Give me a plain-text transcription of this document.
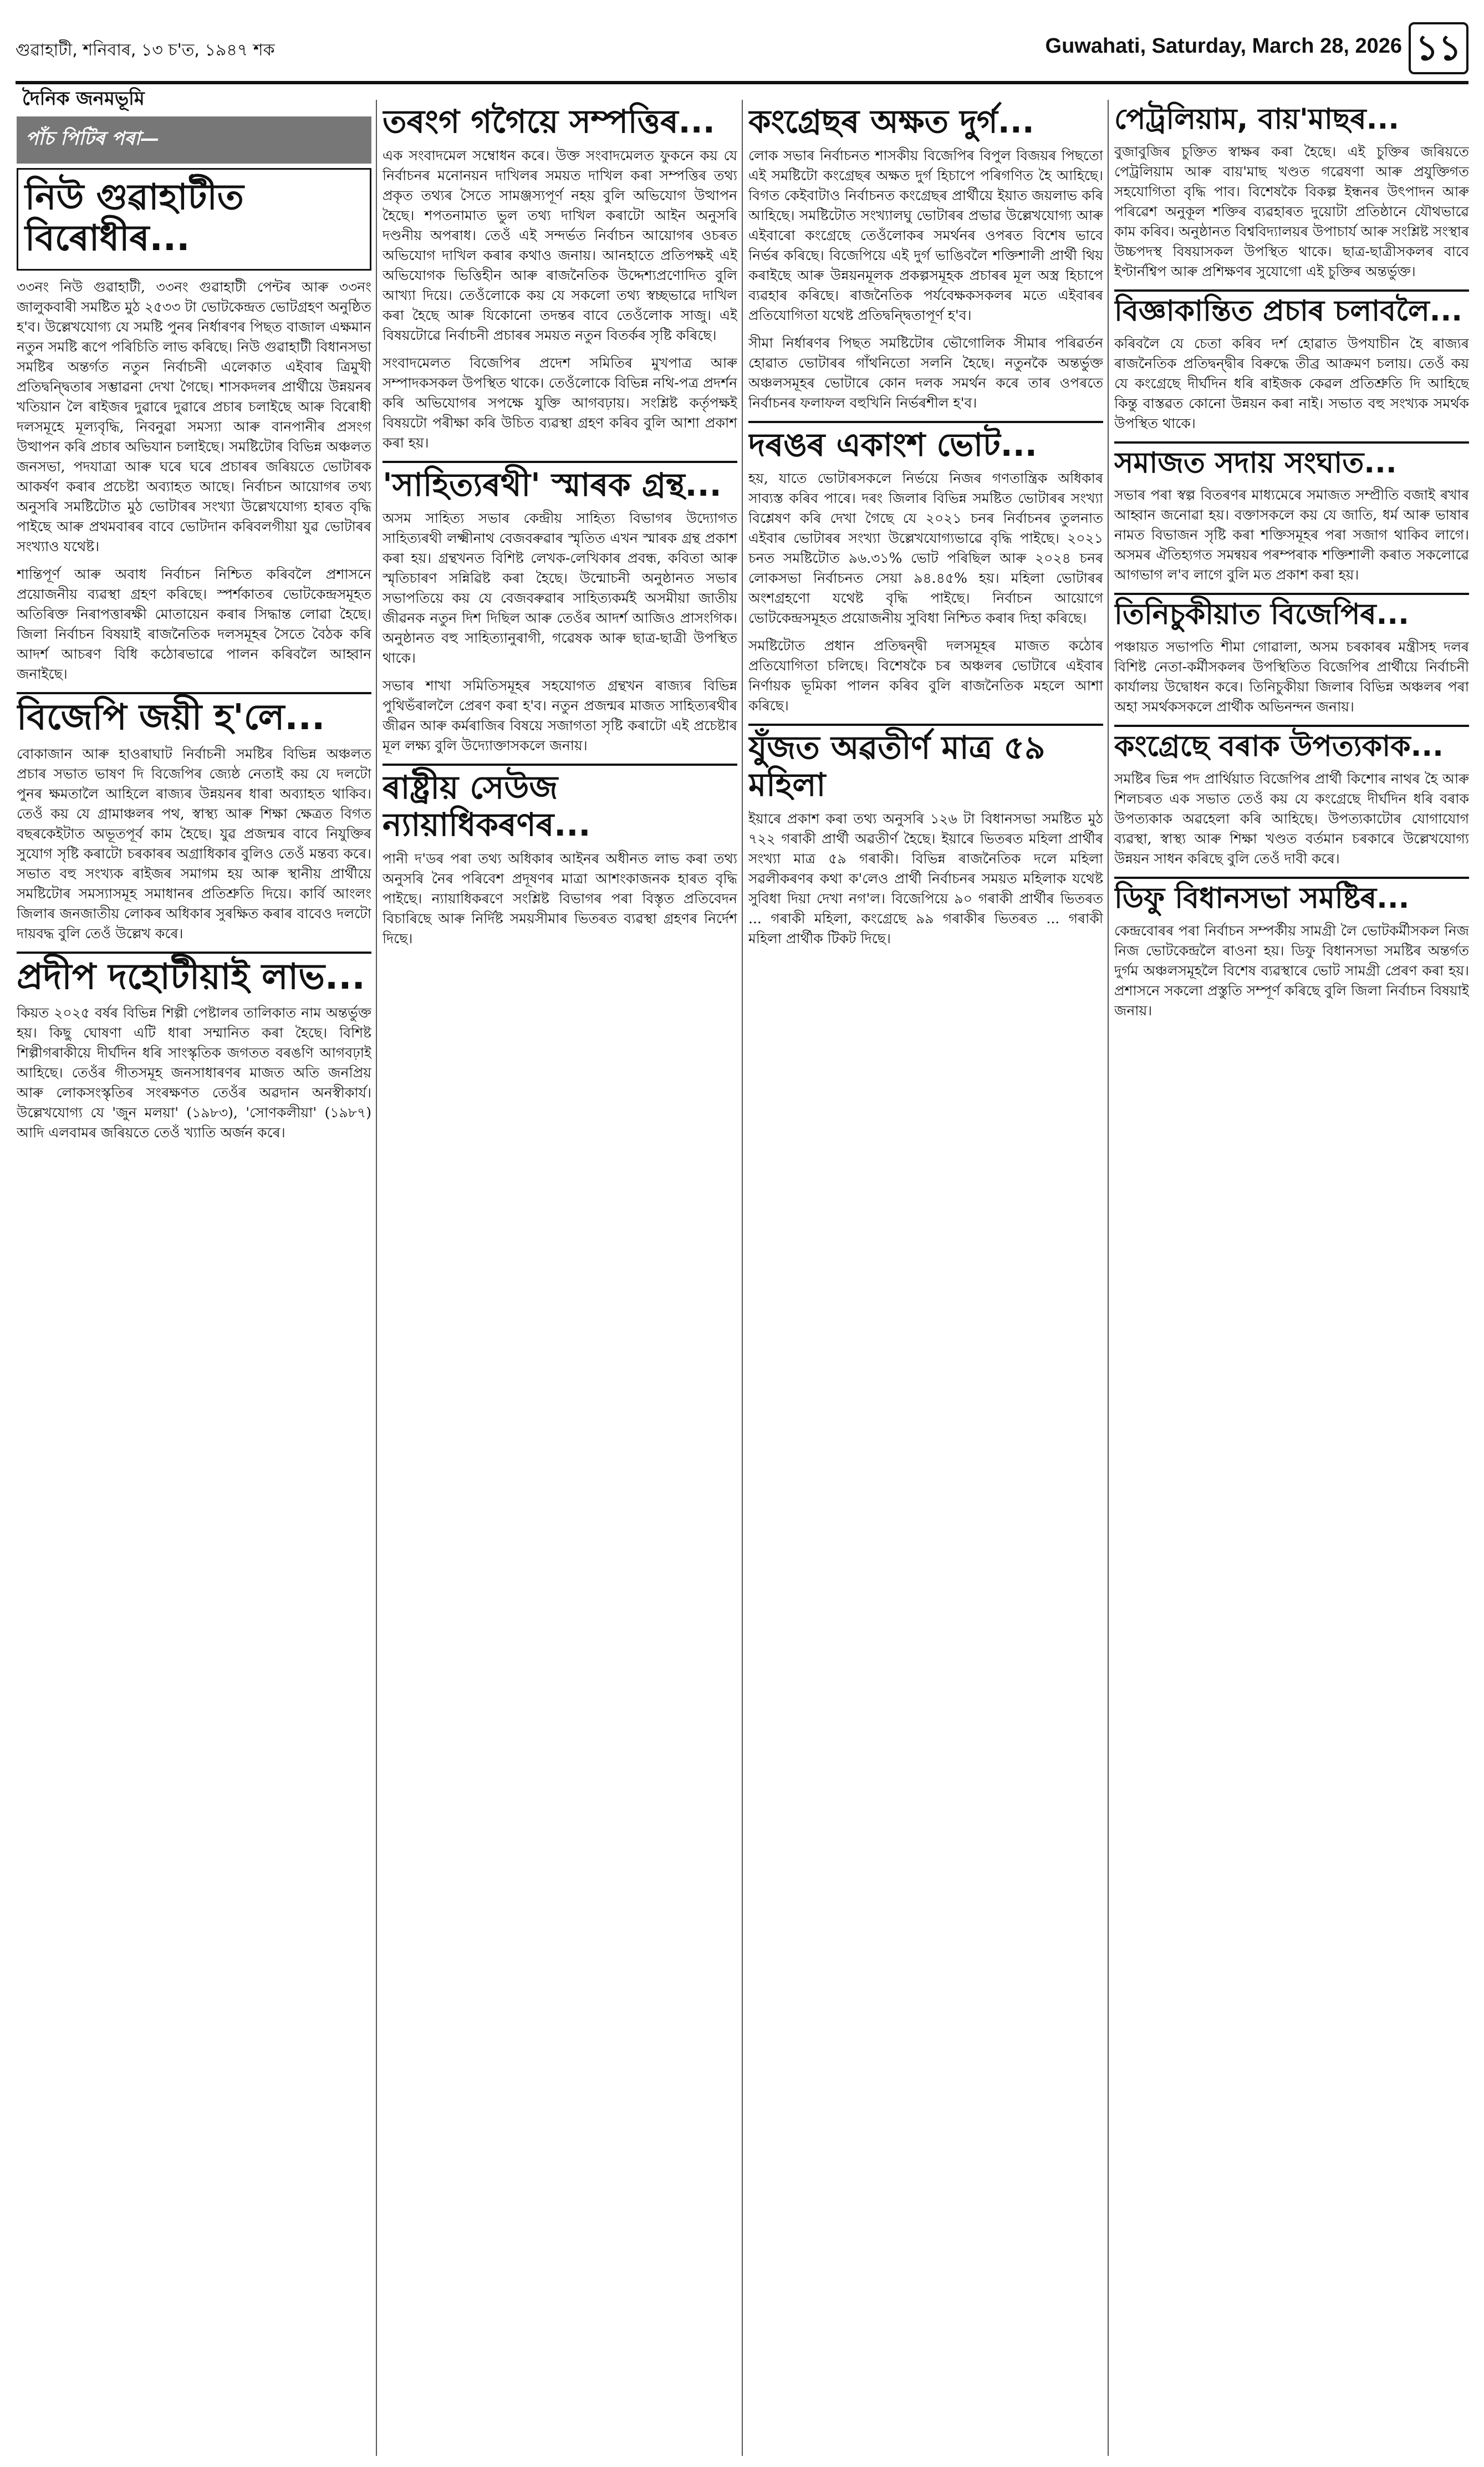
গুৱাহাটী, শনিবাৰ, ১৩ চ'ত, ১৯৪৭ শক	Guwahati, Saturday, March 28, 2026 ১১
দৈনিক জনমভূমি
পাঁচ পিটিৰ পৰা—
নিউ গুৱাহাটীত বিৰোধীৰ...

৩৩নং নিউ গুৱাহাটী, ৩৩নং গুৱাহাটী পেন্টৰ আৰু ৩৩নং জালুকবাৰী সমষ্টিত মুঠ ২৫৩৩ টা ভোটকেন্দ্ৰত ভোটগ্ৰহণ অনুষ্ঠিত হ'ব। উল্লেখযোগ্য যে সমষ্টি পুনৰ নিৰ্ধাৰণৰ পিছত বাজাল এক্ষমান নতুন সমষ্টি ৰূপে পৰিচিতি লাভ কৰিছে। নিউ গুৱাহাটী বিধানসভা সমষ্টিৰ অন্তৰ্গত নতুন নিৰ্বাচনী এলেকাত এইবাৰ ত্ৰিমুখী প্ৰতিদ্বন্দ্বিতাৰ সম্ভাৱনা দেখা গৈছে। শাসকদলৰ প্ৰাৰ্থীয়ে উন্নয়নৰ খতিয়ান লৈ ৰাইজৰ দুৱাৰে দুৱাৰে প্ৰচাৰ চলাইছে আৰু বিৰোধী দলসমূহে মূল্যবৃদ্ধি, নিবনুৱা সমস্যা আৰু বানপানীৰ প্ৰসংগ উত্থাপন কৰি প্ৰচাৰ অভিযান চলাইছে। সমষ্টিটোৰ বিভিন্ন অঞ্চলত জনসভা, পদযাত্ৰা আৰু ঘৰে ঘৰে প্ৰচাৰৰ জৰিয়তে ভোটাৰক আকৰ্ষণ কৰাৰ প্ৰচেষ্টা অব্যাহত আছে। নিৰ্বাচন আয়োগৰ তথ্য অনুসৰি সমষ্টিটোত মুঠ ভোটাৰৰ সংখ্যা উল্লেখযোগ্য হাৰত বৃদ্ধি পাইছে আৰু প্ৰথমবাৰৰ বাবে ভোটদান কৰিবলগীয়া যুৱ ভোটাৰৰ সংখ্যাও যথেষ্ট।

শান্তিপূৰ্ণ আৰু অবাধ নিৰ্বাচন নিশ্চিত কৰিবলৈ প্ৰশাসনে প্ৰয়োজনীয় ব্যৱস্থা গ্ৰহণ কৰিছে। স্পৰ্শকাতৰ ভোটকেন্দ্ৰসমূহত অতিৰিক্ত নিৰাপত্তাৰক্ষী মোতায়েন কৰাৰ সিদ্ধান্ত লোৱা হৈছে। জিলা নিৰ্বাচন বিষয়াই ৰাজনৈতিক দলসমূহৰ সৈতে বৈঠক কৰি আদৰ্শ আচৰণ বিধি কঠোৰভাৱে পালন কৰিবলৈ আহ্বান জনাইছে।

বিজেপি জয়ী হ'লে...

বোকাজান আৰু হাওৰাঘাট নিৰ্বাচনী সমষ্টিৰ বিভিন্ন অঞ্চলত প্ৰচাৰ সভাত ভাষণ দি বিজেপিৰ জ্যেষ্ঠ নেতাই কয় যে দলটো পুনৰ ক্ষমতালৈ আহিলে ৰাজ্যৰ উন্নয়নৰ ধাৰা অব্যাহত থাকিব। তেওঁ কয় যে গ্ৰামাঞ্চলৰ পথ, স্বাস্থ্য আৰু শিক্ষা ক্ষেত্ৰত বিগত বছৰকেইটাত অভূতপূৰ্ব কাম হৈছে। যুৱ প্ৰজন্মৰ বাবে নিযুক্তিৰ সুযোগ সৃষ্টি কৰাটো চৰকাৰৰ অগ্ৰাধিকাৰ বুলিও তেওঁ মন্তব্য কৰে। সভাত বহু সংখ্যক ৰাইজৰ সমাগম হয় আৰু স্থানীয় প্ৰাৰ্থীয়ে সমষ্টিটোৰ সমস্যাসমূহ সমাধানৰ প্ৰতিশ্ৰুতি দিয়ে। কাৰ্বি আংলং জিলাৰ জনজাতীয় লোকৰ অধিকাৰ সুৰক্ষিত কৰাৰ বাবেও দলটো দায়বদ্ধ বুলি তেওঁ উল্লেখ কৰে।

প্ৰদীপ দহোটীয়াই লাভ...

কিয়ত ২০২৫ বৰ্ষৰ বিভিন্ন শিল্পী পেষ্টালৰ তালিকাত নাম অন্তৰ্ভুক্ত হয়। কিছু ঘোষণা এটি ধাৰা সম্মানিত কৰা হৈছে। বিশিষ্ট শিল্পীগৰাকীয়ে দীৰ্ঘদিন ধৰি সাংস্কৃতিক জগতত বৰঙণি আগবঢ়াই আহিছে। তেওঁৰ গীতসমূহ জনসাধাৰণৰ মাজত অতি জনপ্ৰিয় আৰু লোকসংস্কৃতিৰ সংৰক্ষণত তেওঁৰ অৱদান অনস্বীকাৰ্য। উল্লেখযোগ্য যে 'জুন মলয়া' (১৯৮৩), 'সোণকলীয়া' (১৯৮৭) আদি এলবামৰ জৰিয়তে তেওঁ খ্যাতি অৰ্জন কৰে।

তৰংগ গগৈয়ে সম্পত্তিৰ...

এক সংবাদমেল সম্বোধন কৰে। উক্ত সংবাদমেলত ফুকনে কয় যে নিৰ্বাচনৰ মনোনয়ন দাখিলৰ সময়ত দাখিল কৰা সম্পত্তিৰ তথ্য প্ৰকৃত তথ্যৰ সৈতে সামঞ্জস্যপূৰ্ণ নহয় বুলি অভিযোগ উত্থাপন হৈছে। শপতনামাত ভুল তথ্য দাখিল কৰাটো আইন অনুসৰি দণ্ডনীয় অপৰাধ। তেওঁ এই সন্দৰ্ভত নিৰ্বাচন আয়োগৰ ওচৰত অভিযোগ দাখিল কৰাৰ কথাও জনায়। আনহাতে প্ৰতিপক্ষই এই অভিযোগক ভিত্তিহীন আৰু ৰাজনৈতিক উদ্দেশ্যপ্ৰণোদিত বুলি আখ্যা দিয়ে। তেওঁলোকে কয় যে সকলো তথ্য স্বচ্ছভাৱে দাখিল কৰা হৈছে আৰু যিকোনো তদন্তৰ বাবে তেওঁলোক সাজু। এই বিষয়টোৱে নিৰ্বাচনী প্ৰচাৰৰ সময়ত নতুন বিতৰ্কৰ সৃষ্টি কৰিছে।

সংবাদমেলত বিজেপিৰ প্ৰদেশ সমিতিৰ মুখপাত্ৰ আৰু সম্পাদকসকল উপস্থিত থাকে। তেওঁলোকে বিভিন্ন নথি-পত্ৰ প্ৰদৰ্শন কৰি অভিযোগৰ সপক্ষে যুক্তি আগবঢ়ায়। সংশ্লিষ্ট কৰ্তৃপক্ষই বিষয়টো পৰীক্ষা কৰি উচিত ব্যৱস্থা গ্ৰহণ কৰিব বুলি আশা প্ৰকাশ কৰা হয়।

'সাহিত্যৰথী' স্মাৰক গ্ৰন্থ...

অসম সাহিত্য সভাৰ কেন্দ্ৰীয় সাহিত্য বিভাগৰ উদ্যোগত সাহিত্যৰথী লক্ষ্মীনাথ বেজবৰুৱাৰ স্মৃতিত এখন স্মাৰক গ্ৰন্থ প্ৰকাশ কৰা হয়। গ্ৰন্থখনত বিশিষ্ট লেখক-লেখিকাৰ প্ৰবন্ধ, কবিতা আৰু স্মৃতিচাৰণ সন্নিৱিষ্ট কৰা হৈছে। উন্মোচনী অনুষ্ঠানত সভাৰ সভাপতিয়ে কয় যে বেজবৰুৱাৰ সাহিত্যকৰ্মই অসমীয়া জাতীয় জীৱনক নতুন দিশ দিছিল আৰু তেওঁৰ আদৰ্শ আজিও প্ৰাসংগিক। অনুষ্ঠানত বহু সাহিত্যানুৰাগী, গৱেষক আৰু ছাত্ৰ-ছাত্ৰী উপস্থিত থাকে।

সভাৰ শাখা সমিতিসমূহৰ সহযোগত গ্ৰন্থখন ৰাজ্যৰ বিভিন্ন পুথিভঁৰাললৈ প্ৰেৰণ কৰা হ'ব। নতুন প্ৰজন্মৰ মাজত সাহিত্যৰথীৰ জীৱন আৰু কৰ্মৰাজিৰ বিষয়ে সজাগতা সৃষ্টি কৰাটো এই প্ৰচেষ্টাৰ মূল লক্ষ্য বুলি উদ্যোক্তাসকলে জনায়।

ৰাষ্ট্ৰীয় সেউজ ন্যায়াধিকৰণৰ...

পানী দ'ডৰ পৰা তথ্য অধিকাৰ আইনৰ অধীনত লাভ কৰা তথ্য অনুসৰি নৈৰ পৰিবেশ প্ৰদূষণৰ মাত্ৰা আশংকাজনক হাৰত বৃদ্ধি পাইছে। ন্যায়াধিকৰণে সংশ্লিষ্ট বিভাগৰ পৰা বিস্তৃত প্ৰতিবেদন বিচাৰিছে আৰু নিৰ্দিষ্ট সময়সীমাৰ ভিতৰত ব্যৱস্থা গ্ৰহণৰ নিৰ্দেশ দিছে।

কংগ্ৰেছৰ অক্ষত দুৰ্গ...

লোক সভাৰ নিৰ্বাচনত শাসকীয় বিজেপিৰ বিপুল বিজয়ৰ পিছতো এই সমষ্টিটো কংগ্ৰেছৰ অক্ষত দুৰ্গ হিচাপে পৰিগণিত হৈ আহিছে। বিগত কেইবাটাও নিৰ্বাচনত কংগ্ৰেছৰ প্ৰাৰ্থীয়ে ইয়াত জয়লাভ কৰি আহিছে। সমষ্টিটোত সংখ্যালঘু ভোটাৰৰ প্ৰভাৱ উল্লেখযোগ্য আৰু এইবাৰো কংগ্ৰেছে তেওঁলোকৰ সমৰ্থনৰ ওপৰত বিশেষ ভাবে নিৰ্ভৰ কৰিছে। বিজেপিয়ে এই দুৰ্গ ভাঙিবলৈ শক্তিশালী প্ৰাৰ্থী থিয় কৰাইছে আৰু উন্নয়নমূলক প্ৰকল্পসমূহক প্ৰচাৰৰ মূল অস্ত্ৰ হিচাপে ব্যৱহাৰ কৰিছে। ৰাজনৈতিক পৰ্যবেক্ষকসকলৰ মতে এইবাৰৰ প্ৰতিযোগিতা যথেষ্ট প্ৰতিদ্বন্দ্বিতাপূৰ্ণ হ'ব।

সীমা নিৰ্ধাৰণৰ পিছত সমষ্টিটোৰ ভৌগোলিক সীমাৰ পৰিৱৰ্তন হোৱাত ভোটাৰৰ গাঁথনিতো সলনি হৈছে। নতুনকৈ অন্তৰ্ভুক্ত অঞ্চলসমূহৰ ভোটাৰে কোন দলক সমৰ্থন কৰে তাৰ ওপৰতে নিৰ্বাচনৰ ফলাফল বহুখিনি নিৰ্ভৰশীল হ'ব।

দৰঙৰ একাংশ ভোট...

হয়, যাতে ভোটাৰসকলে নিৰ্ভয়ে নিজৰ গণতান্ত্ৰিক অধিকাৰ সাব্যস্ত কৰিব পাৰে। দৰং জিলাৰ বিভিন্ন সমষ্টিত ভোটাৰৰ সংখ্যা বিশ্লেষণ কৰি দেখা গৈছে যে ২০২১ চনৰ নিৰ্বাচনৰ তুলনাত এইবাৰ ভোটাৰৰ সংখ্যা উল্লেখযোগ্যভাৱে বৃদ্ধি পাইছে। ২০২১ চনত সমষ্টিটোত ৯৬.৩১% ভোট পৰিছিল আৰু ২০২৪ চনৰ লোকসভা নিৰ্বাচনত সেয়া ৯৪.৪৫% হয়। মহিলা ভোটাৰৰ অংশগ্ৰহণো যথেষ্ট বৃদ্ধি পাইছে। নিৰ্বাচন আয়োগে ভোটকেন্দ্ৰসমূহত প্ৰয়োজনীয় সুবিধা নিশ্চিত কৰাৰ দিহা কৰিছে।

সমষ্টিটোত প্ৰধান প্ৰতিদ্বন্দ্বী দলসমূহৰ মাজত কঠোৰ প্ৰতিযোগিতা চলিছে। বিশেষকৈ চৰ অঞ্চলৰ ভোটাৰে এইবাৰ নিৰ্ণায়ক ভূমিকা পালন কৰিব বুলি ৰাজনৈতিক মহলে আশা কৰিছে।

যুঁজত অৱতীৰ্ণ মাত্ৰ ৫৯ মহিলা

ইয়াৰে প্ৰকাশ কৰা তথ্য অনুসৰি ১২৬ টা বিধানসভা সমষ্টিত মুঠ ৭২২ গৰাকী প্ৰাৰ্থী অৱতীৰ্ণ হৈছে। ইয়াৰে ভিতৰত মহিলা প্ৰাৰ্থীৰ সংখ্যা মাত্ৰ ৫৯ গৰাকী। বিভিন্ন ৰাজনৈতিক দলে মহিলা সৱলীকৰণৰ কথা ক'লেও প্ৰাৰ্থী নিৰ্বাচনৰ সময়ত মহিলাক যথেষ্ট সুবিধা দিয়া দেখা নগ'ল। বিজেপিয়ে ৯০ গৰাকী প্ৰাৰ্থীৰ ভিতৰত ... গৰাকী মহিলা, কংগ্ৰেছে ৯৯ গৰাকীৰ ভিতৰত ... গৰাকী মহিলা প্ৰাৰ্থীক টিকট দিছে।

পেট্ৰলিয়াম, বায়'মাছৰ...

বুজাবুজিৰ চুক্তিত স্বাক্ষৰ কৰা হৈছে। এই চুক্তিৰ জৰিয়তে পেট্ৰলিয়াম আৰু বায়'মাছ খণ্ডত গৱেষণা আৰু প্ৰযুক্তিগত সহযোগিতা বৃদ্ধি পাব। বিশেষকৈ বিকল্প ইন্ধনৰ উৎপাদন আৰু পৰিৱেশ অনুকূল শক্তিৰ ব্যৱহাৰত দুয়োটা প্ৰতিষ্ঠানে যৌথভাৱে কাম কৰিব। অনুষ্ঠানত বিশ্ববিদ্যালয়ৰ উপাচাৰ্য আৰু সংশ্লিষ্ট সংস্থাৰ উচ্চপদস্থ বিষয়াসকল উপস্থিত থাকে। ছাত্ৰ-ছাত্ৰীসকলৰ বাবে ইণ্টাৰ্নশ্বিপ আৰু প্ৰশিক্ষণৰ সুযোগো এই চুক্তিৰ অন্তৰ্ভুক্ত।

বিজ্ঞাকান্তিত প্ৰচাৰ চলাবলৈ...

কৰিবলৈ যে চেতা কৰিব দৰ্শ হোৱাত উপযাচীন হৈ ৰাজ্যৰ ৰাজনৈতিক প্ৰতিদ্বন্দ্বীৰ বিৰুদ্ধে তীব্ৰ আক্ৰমণ চলায়। তেওঁ কয় যে কংগ্ৰেছে দীৰ্ঘদিন ধৰি ৰাইজক কেৱল প্ৰতিশ্ৰুতি দি আহিছে কিন্তু বাস্তৱত কোনো উন্নয়ন কৰা নাই। সভাত বহু সংখ্যক সমৰ্থক উপস্থিত থাকে।

সমাজত সদায় সংঘাত...

সভাৰ পৰা স্বল্প বিতৰণৰ মাধ্যমেৰে সমাজত সম্প্ৰীতি বজাই ৰখাৰ আহ্বান জনোৱা হয়। বক্তাসকলে কয় যে জাতি, ধৰ্ম আৰু ভাষাৰ নামত বিভাজন সৃষ্টি কৰা শক্তিসমূহৰ পৰা সজাগ থাকিব লাগে। অসমৰ ঐতিহ্যগত সমন্বয়ৰ পৰম্পৰাক শক্তিশালী কৰাত সকলোৱে আগভাগ ল'ব লাগে বুলি মত প্ৰকাশ কৰা হয়।

তিনিচুকীয়াত বিজেপিৰ...

পঞ্চায়ত সভাপতি শীমা গোৱালা, অসম চৰকাৰৰ মন্ত্ৰীসহ দলৰ বিশিষ্ট নেতা-কৰ্মীসকলৰ উপস্থিতিত বিজেপিৰ প্ৰাৰ্থীয়ে নিৰ্বাচনী কাৰ্যালয় উদ্বোধন কৰে। তিনিচুকীয়া জিলাৰ বিভিন্ন অঞ্চলৰ পৰা অহা সমৰ্থকসকলে প্ৰাৰ্থীক অভিনন্দন জনায়।

কংগ্ৰেছে বৰাক উপত্যকাক...

সমষ্টিৰ ভিন্ন পদ প্ৰাৰ্থিয়াত বিজেপিৰ প্ৰাৰ্থী কিশোৰ নাথৰ হৈ আৰু শিলচৰত এক সভাত তেওঁ কয় যে কংগ্ৰেছে দীৰ্ঘদিন ধৰি বৰাক উপত্যকাক অৱহেলা কৰি আহিছে। উপত্যকাটোৰ যোগাযোগ ব্যৱস্থা, স্বাস্থ্য আৰু শিক্ষা খণ্ডত বৰ্তমান চৰকাৰে উল্লেখযোগ্য উন্নয়ন সাধন কৰিছে বুলি তেওঁ দাবী কৰে।

ডিফু বিধানসভা সমষ্টিৰ...

কেন্দ্ৰবোৰৰ পৰা নিৰ্বাচন সম্পৰ্কীয় সামগ্ৰী লৈ ভোটকৰ্মীসকল নিজ নিজ ভোটকেন্দ্ৰলৈ ৰাওনা হয়। ডিফু বিধানসভা সমষ্টিৰ অন্তৰ্গত দুৰ্গম অঞ্চলসমূহলৈ বিশেষ ব্যৱস্থাৰে ভোট সামগ্ৰী প্ৰেৰণ কৰা হয়। প্ৰশাসনে সকলো প্ৰস্তুতি সম্পূৰ্ণ কৰিছে বুলি জিলা নিৰ্বাচন বিষয়াই জনায়।
